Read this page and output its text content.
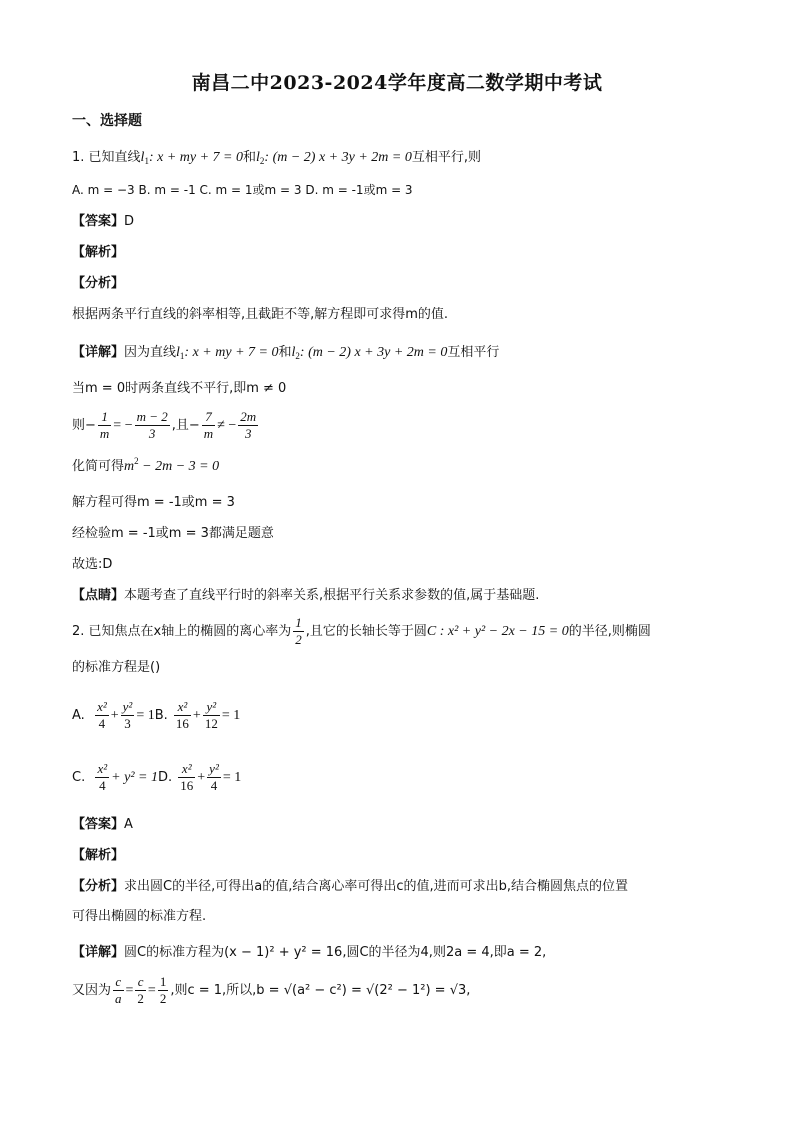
南昌二中2023-2024学年度高二数学期中考试
一、选择题
1. 已知直线$l_1$: x + my + 7 = 0和$l_2$: (m − 2) x + 3y + 2m = 0互相平行,则
A. m = −3 B. m = -1 C. m = 1或m = 3 D. m = -1或m = 3
【答案】D
【解析】
【分析】
根据两条平行直线的斜率相等,且截距不等,解方程即可求得m的值.
【详解】因为直线$l_1$: x + my + 7 = 0和$l_2$: (m − 2) x + 3y + 2m = 0互相平行
当m = 0时两条直线不平行,即m ≠ 0
则− $\frac{1}{m}$ = − $\frac{m - 2}{3}$ ,且− $\frac{7}{m}$ ≠ − $\frac{2m}{3}$
化简可得$m^2 - 2m - 3 = 0$
解方程可得m = -1或m = 3
经检验m = -1或m = 3都满足题意
故选:D
【点睛】本题考查了直线平行时的斜率关系,根据平行关系求参数的值,属于基础题.
2. 已知焦点在x轴上的椭圆的离心率为 $\frac{1}{2}$ ,且它的长轴长等于圆C : x² + y² − 2x − 15 = 0的半径,则椭圆
的标准方程是()
A. $\frac{\text{x²}}{4} + \frac{\text{y²}}{3} = 1B$. $\frac{\text{x²}}{16} + \frac{\text{y²}}{12} = 1$
C. $\frac{\text{x²}}{4} + y^2 = 1D$. $\frac{\text{x²}}{16} + \frac{\text{y²}}{4} = 1$
【答案】A
【解析】
【分析】求出圆C的半径,可得出a的值,结合离心率可得出c的值,进而可求出b,结合椭圆焦点的位置
可得出椭圆的标准方程.
【详解】圆C的标准方程为(x − 1)² + y² = 16,圆C的半径为4,则2a = 4,即a = 2,
又因为 $\frac{c}{a} = \frac{c}{2} = \frac{1}{2}$ ,则c = 1,所以,b = √(a² − c²) = √(2² − 1²) = √3,
